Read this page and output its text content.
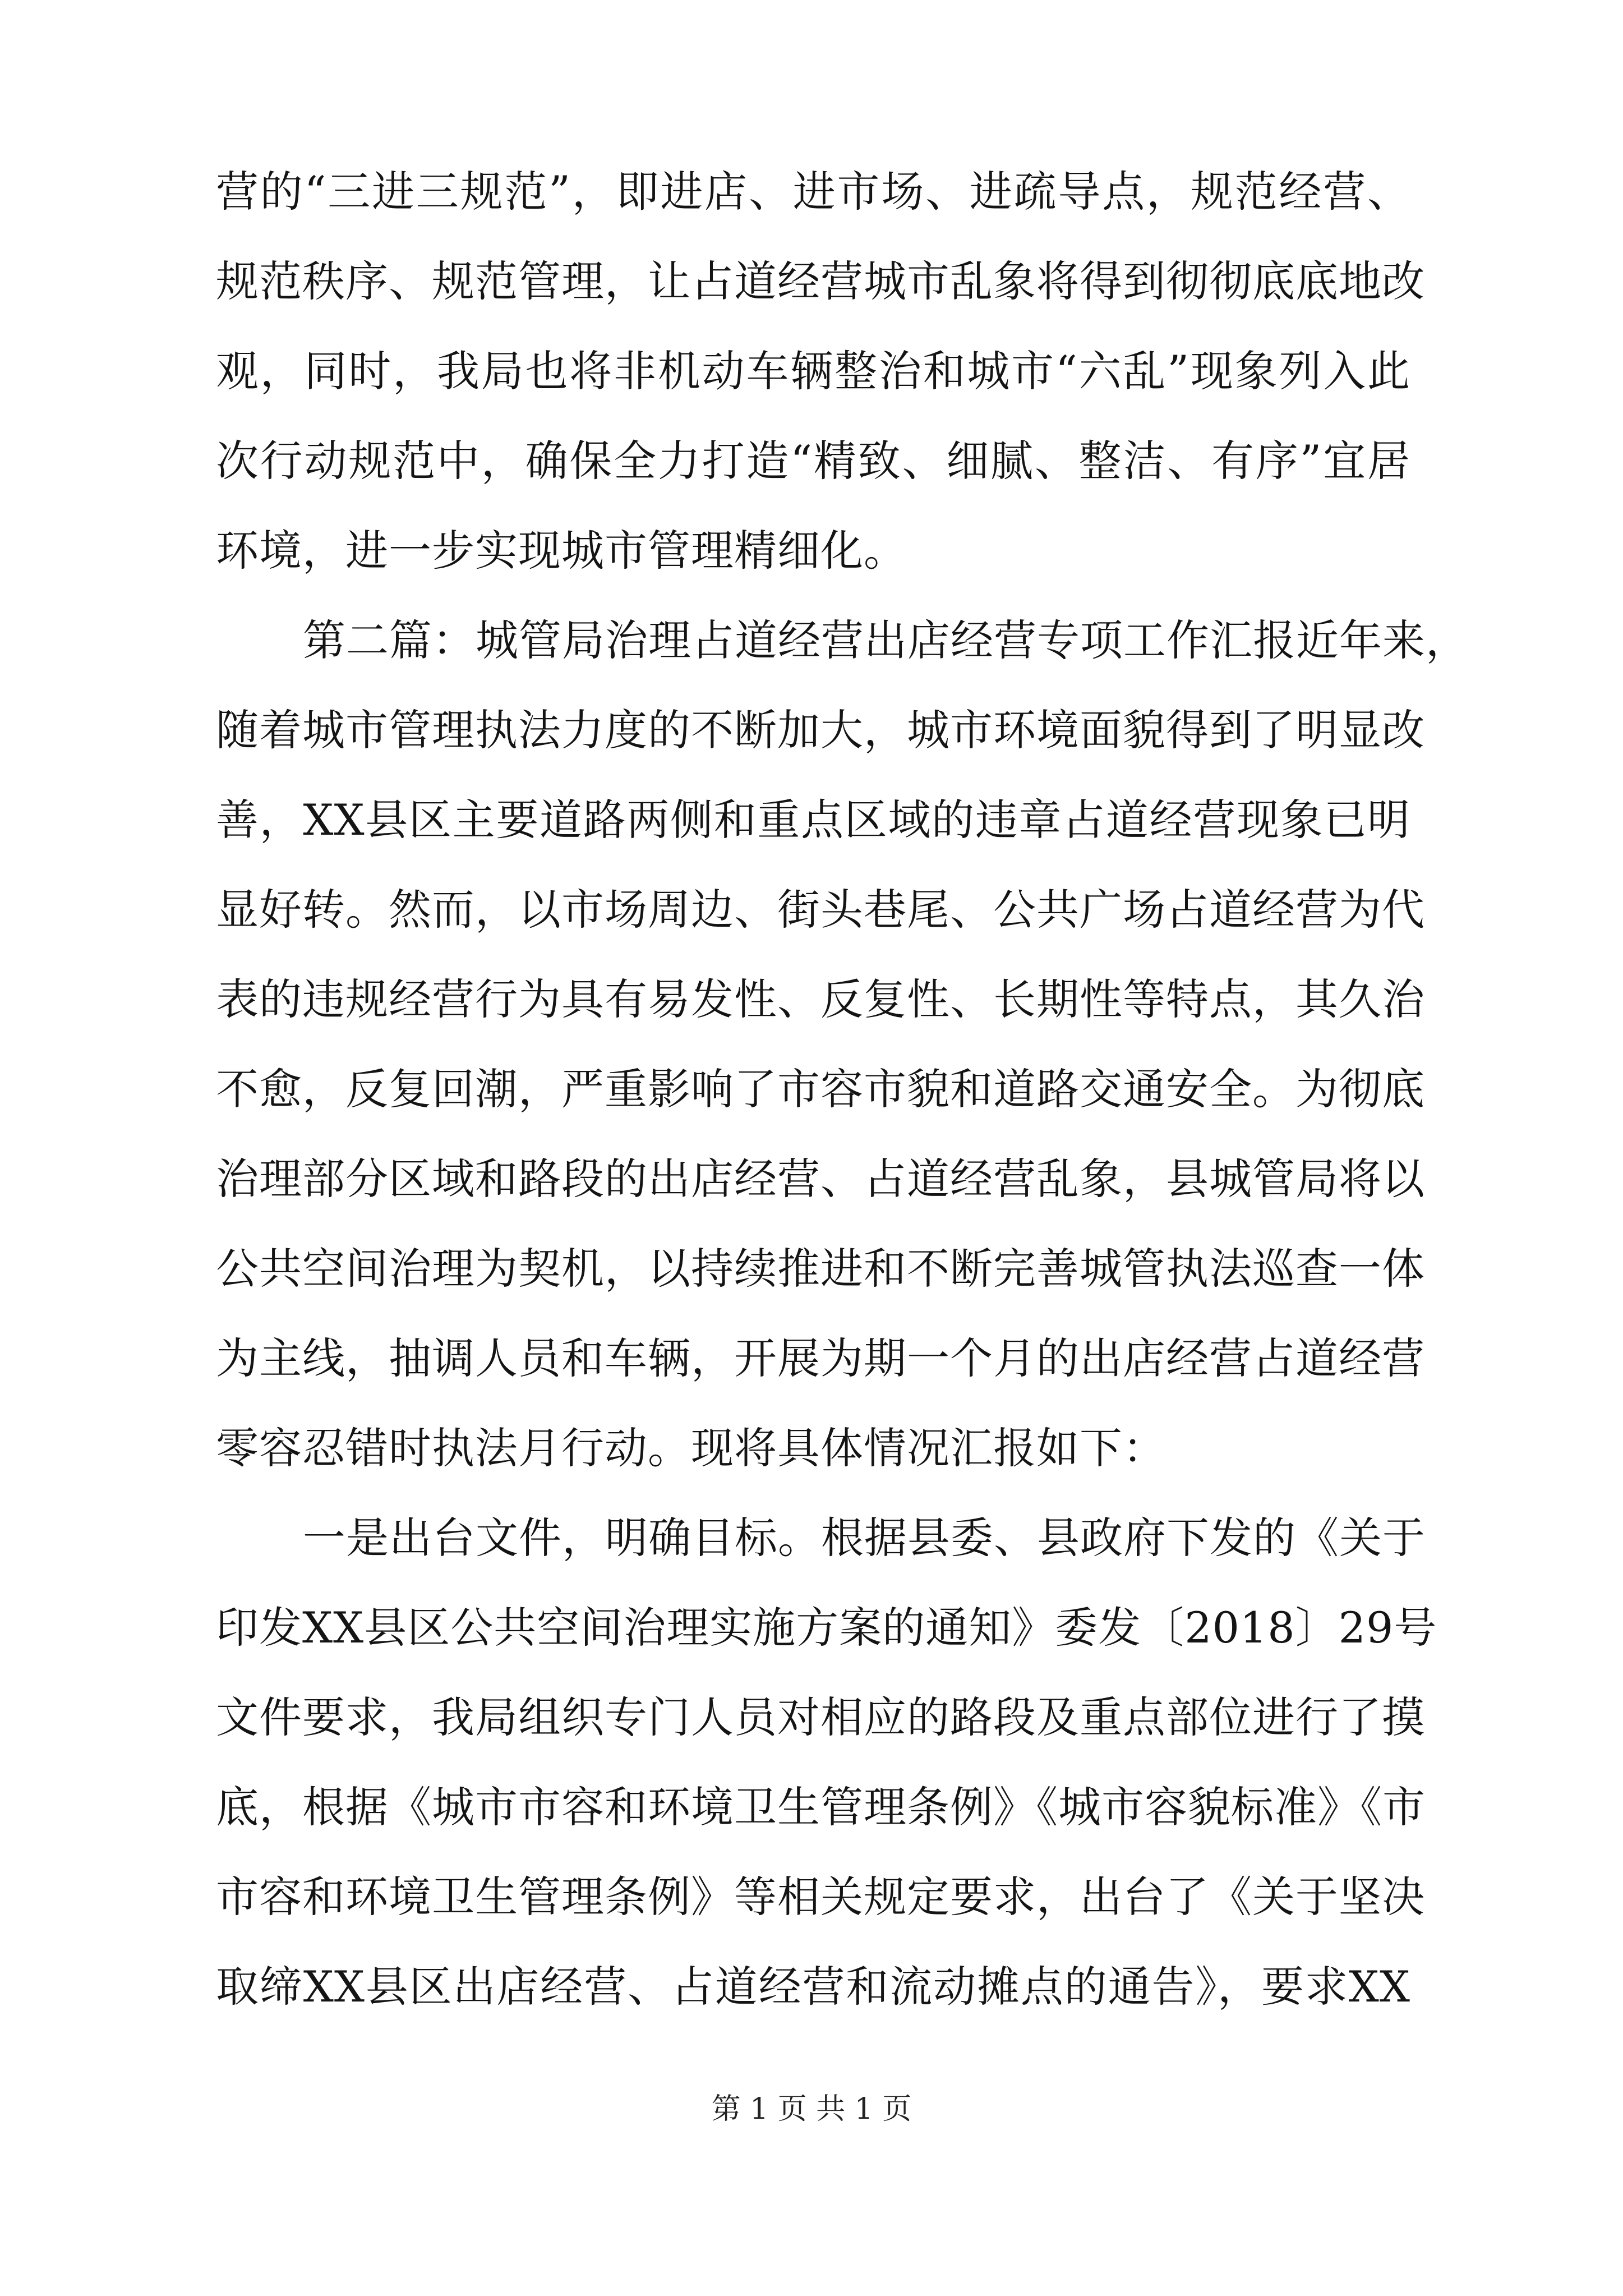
营的“三进三规范”，即进店、进市场、进疏导点，规范经营、
规范秩序、规范管理，让占道经营城市乱象将得到彻彻底底地改
观，同时，我局也将非机动车辆整治和城市“六乱”现象列入此
次行动规范中，确保全力打造“精致、细腻、整洁、有序”宜居
环境，进一步实现城市管理精细化。
第二篇：城管局治理占道经营出店经营专项工作汇报近年来，
随着城市管理执法力度的不断加大，城市环境面貌得到了明显改
善，XX县区主要道路两侧和重点区域的违章占道经营现象已明
显好转。然而，以市场周边、街头巷尾、公共广场占道经营为代
表的违规经营行为具有易发性、反复性、长期性等特点，其久治
不愈，反复回潮，严重影响了市容市貌和道路交通安全。为彻底
治理部分区域和路段的出店经营、占道经营乱象，县城管局将以
公共空间治理为契机，以持续推进和不断完善城管执法巡查一体
为主线，抽调人员和车辆，开展为期一个月的出店经营占道经营
零容忍错时执法月行动。现将具体情况汇报如下：
一是出台文件，明确目标。根据县委、县政府下发的《关于
印发XX县区公共空间治理实施方案的通知》委发〔2018〕29号
文件要求，我局组织专门人员对相应的路段及重点部位进行了摸
底，根据《城市市容和环境卫生管理条例》《城市容貌标准》《市
市容和环境卫生管理条例》等相关规定要求，出台了《关于坚决
取缔XX县区出店经营、占道经营和流动摊点的通告》，要求XX
第 1 页 共 1 页
